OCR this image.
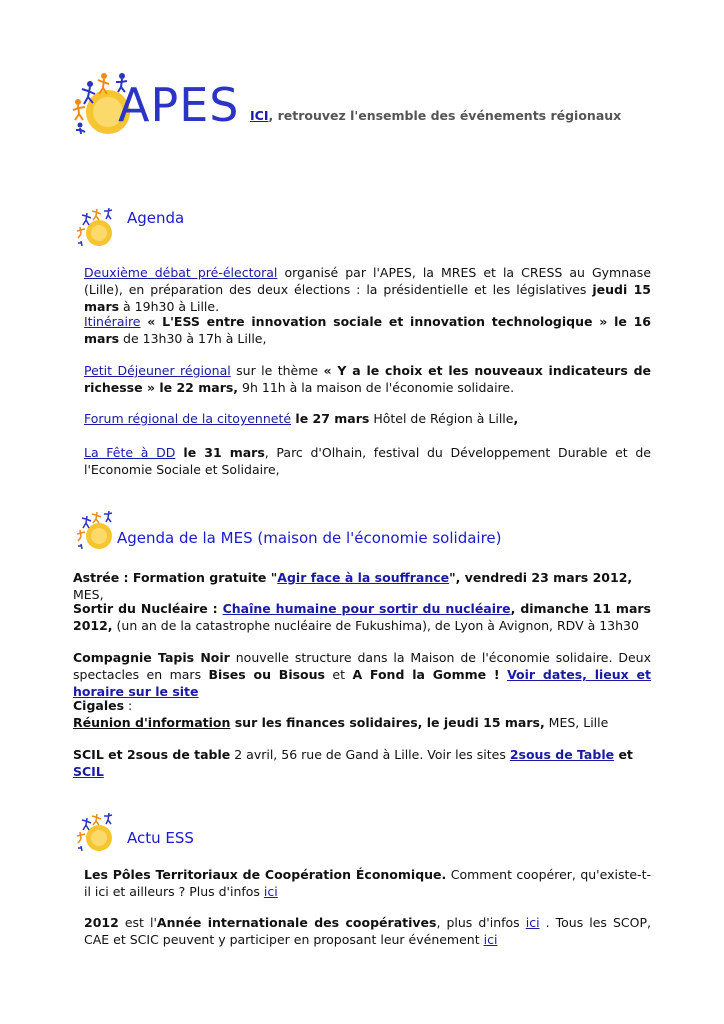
APES ICI, retrouvez l'ensemble des événements régionaux
Agenda
Deuxième débat pré-électoral organisé par l'APES, la MRES et la CRESS au Gymnase (Lille), en préparation des deux élections : la présidentielle et les législatives jeudi 15 mars à 19h30 à Lille.
Itinéraire « L'ESS entre innovation sociale et innovation technologique » le 16 mars de 13h30 à 17h à Lille,
Petit Déjeuner régional sur le thème « Y a le choix et les nouveaux indicateurs de richesse » le 22 mars, 9h 11h à la maison de l'économie solidaire.
Forum régional de la citoyenneté le 27 mars Hôtel de Région à Lille,
La Fête à DD le 31 mars, Parc d'Olhain, festival du Développement Durable et de l'Economie Sociale et Solidaire,
Agenda de la MES (maison de l'économie solidaire)
Astrée : Formation gratuite "Agir face à la souffrance", vendredi 23 mars 2012, MES,
Sortir du Nucléaire : Chaîne humaine pour sortir du nucléaire, dimanche 11 mars 2012, (un an de la catastrophe nucléaire de Fukushima), de Lyon à Avignon, RDV à 13h30
Compagnie Tapis Noir nouvelle structure dans la Maison de l'économie solidaire. Deux spectacles en mars Bises ou Bisous et A Fond la Gomme ! Voir dates, lieux et horaire sur le site
Cigales :
Réunion d'information sur les finances solidaires, le jeudi 15 mars, MES, Lille
SCIL et 2sous de table 2 avril, 56 rue de Gand à Lille. Voir les sites 2sous de Table et SCIL
Actu ESS
Les Pôles Territoriaux de Coopération Économique. Comment coopérer, qu'existe-t-il ici et ailleurs ? Plus d'infos ici
2012 est l'Année internationale des coopératives, plus d'infos ici . Tous les SCOP, CAE et SCIC peuvent y participer en proposant leur événement ici
